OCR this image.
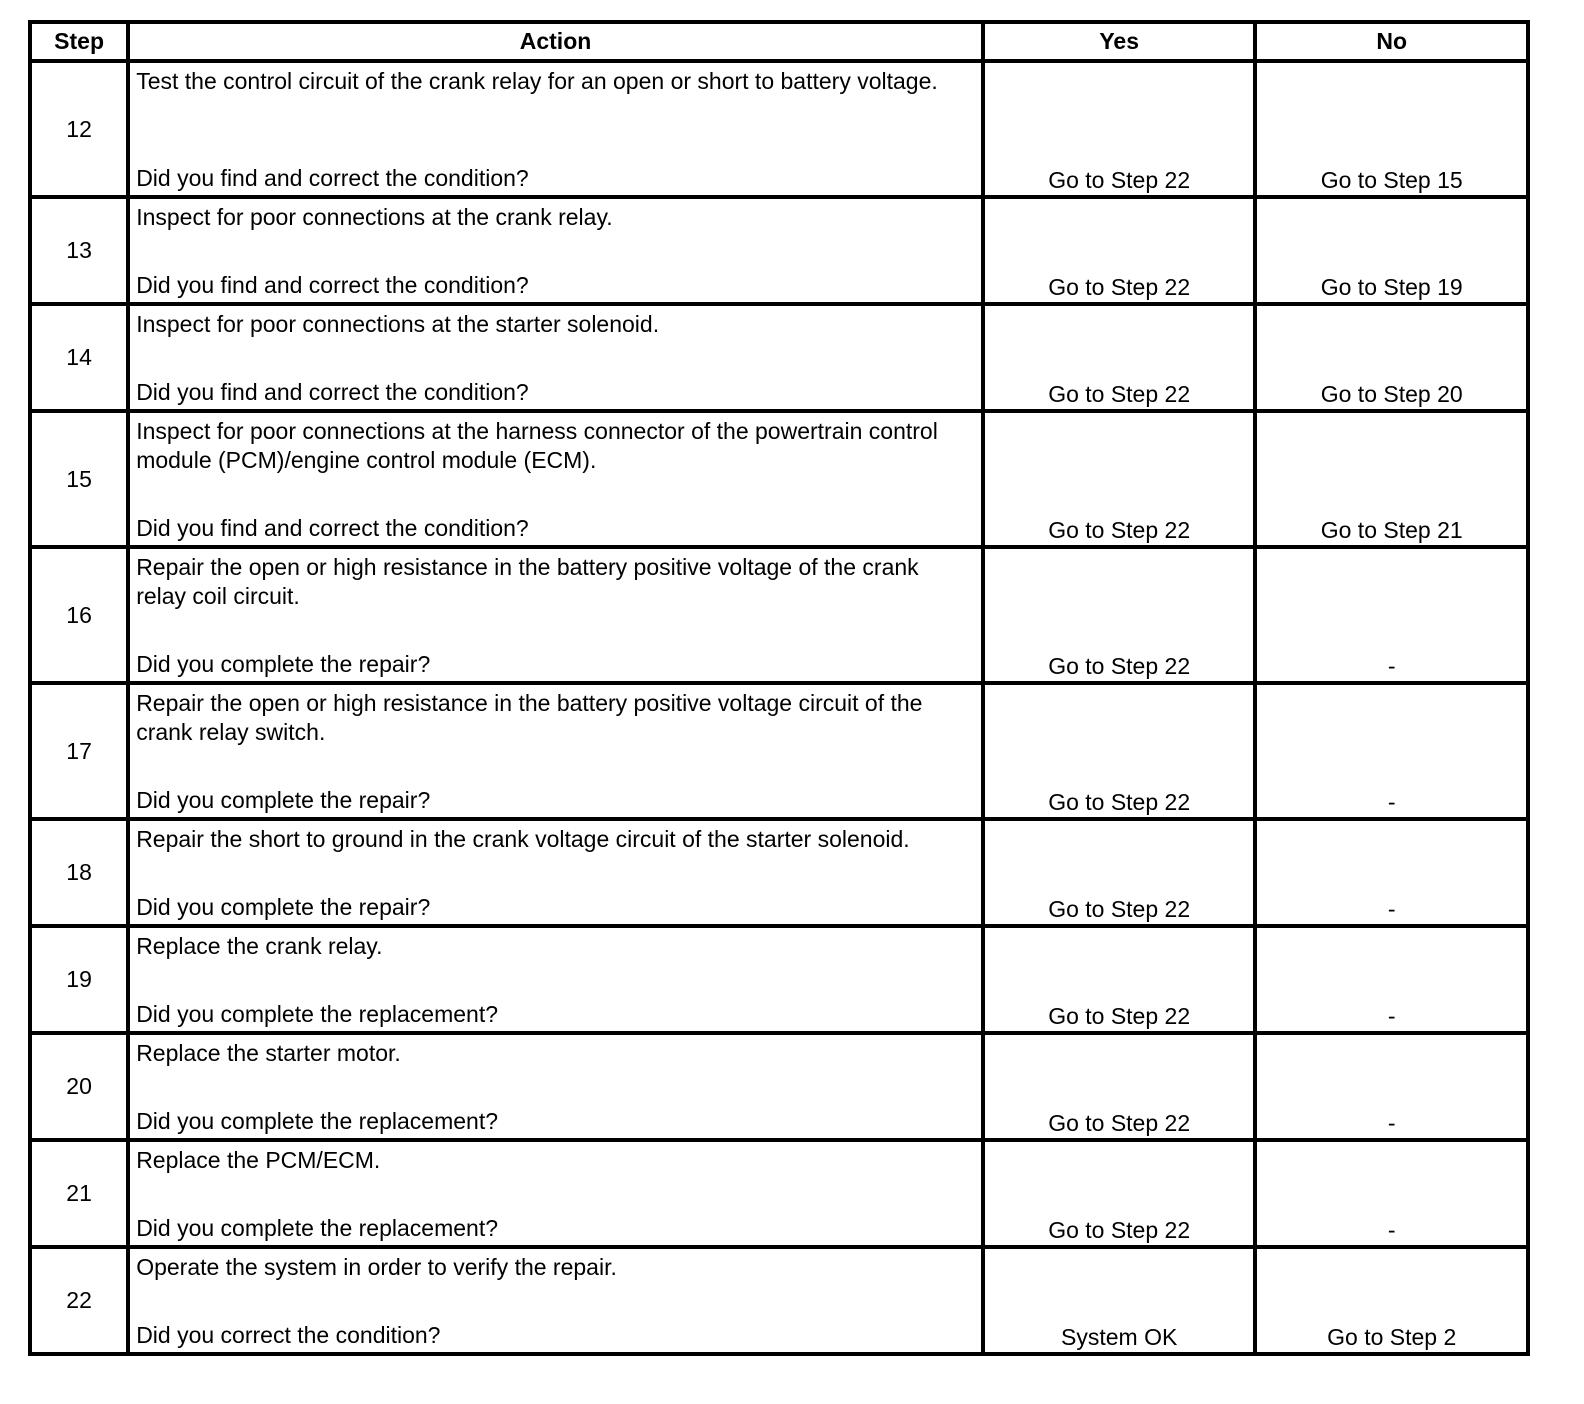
Step	Action	Yes	No
12	Test the control circuit of the crank relay for an open or short to battery voltage.
Did you find and correct the condition?	Go to Step 22	Go to Step 15
13	Inspect for poor connections at the crank relay.
Did you find and correct the condition?	Go to Step 22	Go to Step 19
14	Inspect for poor connections at the starter solenoid.
Did you find and correct the condition?	Go to Step 22	Go to Step 20
15	Inspect for poor connections at the harness connector of the powertrain control module (PCM)/engine control module (ECM).
Did you find and correct the condition?	Go to Step 22	Go to Step 21
16	Repair the open or high resistance in the battery positive voltage of the crank relay coil circuit.
Did you complete the repair?	Go to Step 22	-
17	Repair the open or high resistance in the battery positive voltage circuit of the crank relay switch.
Did you complete the repair?	Go to Step 22	-
18	Repair the short to ground in the crank voltage circuit of the starter solenoid.
Did you complete the repair?	Go to Step 22	-
19	Replace the crank relay.
Did you complete the replacement?	Go to Step 22	-
20	Replace the starter motor.
Did you complete the replacement?	Go to Step 22	-
21	Replace the PCM/ECM.
Did you complete the replacement?	Go to Step 22	-
22	Operate the system in order to verify the repair.
Did you correct the condition?	System OK	Go to Step 2
